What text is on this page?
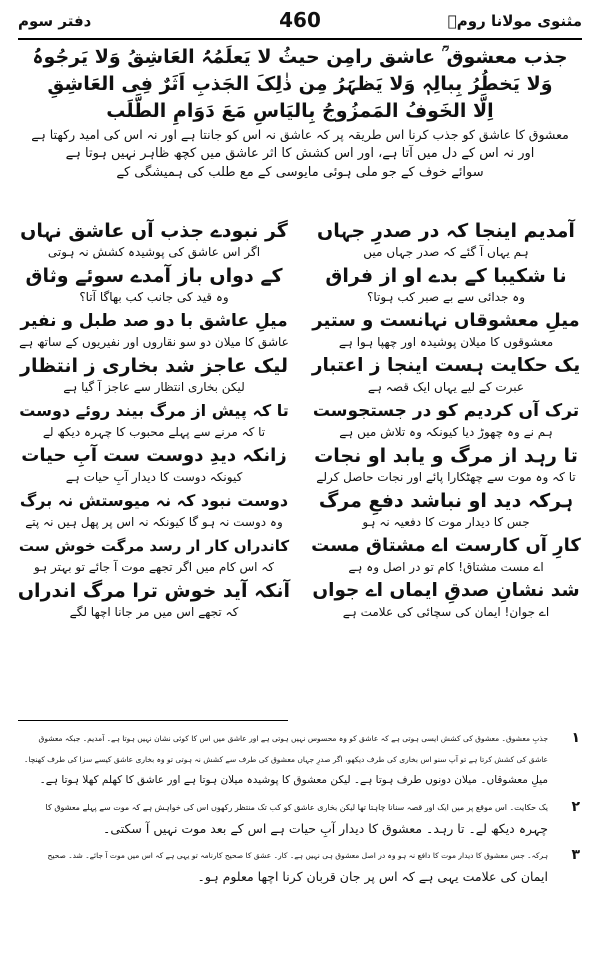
مثنوی مولانا رومؒ
460
دفتر سوم
جذب معشوق ؒ عاشق رامِن حیثُ لا یَعلَمُہُ العَاشِقُ وَلا یَرجُوہُ
وَلا یَخطُرُ بِبالِہٖ وَلا یَظہَرُ مِن ذٰلِکَ الجَذبِ اَثَرٌ فِی العَاشِقِ
اِلَّا الخَوفُ المَمزُوجُ بِالیَاسِ مَعَ دَوَامِ الطَّلَب
معشوق کا عاشق کو جذب کرنا اس طریقہ پر کہ عاشق نہ اس کو جانتا ہے اور نہ اس کی امید رکھتا ہے
اور نہ اس کے دل میں آتا ہے، اور اس کشش کا اثر عاشق میں کچھ ظاہر نہیں ہوتا ہے
سوائے خوف کے جو ملی ہوئی مایوسی کے مع طلب کی ہمیشگی کے
آمدیم اینجا کہ در صدرِ جہاں
ہم یہاں آ گئے کہ صدر جہاں میں
نا شکیبا کے بدے او از فراق
وہ جدائی سے بے صبر کب ہوتا؟
میلِ معشوقاں نہانست و ستیر
معشوقوں کا میلان پوشیدہ اور چھپا ہوا ہے
یک حکایت ہست اینجا ز اعتبار
عبرت کے لیے یہاں ایک قصہ ہے
ترک آں کردیم کو در جستجوست
ہم نے وہ چھوڑ دیا کیونکہ وہ تلاش میں ہے
تا رہد از مرگ و یابد او نجات
تا کہ وہ موت سے چھٹکارا پائے اور نجات حاصل کرلے
ہرکہ دید او نباشد دفعِ مرگ
جس کا دیدار موت کا دفعیہ نہ ہو
کارِ آں کارست اے مشتاق مست
اے مست مشتاق! کام تو در اصل وہ ہے
شد نشانِ صدقِ ایماں اے جواں
اے جوان! ایمان کی سچائی کی علامت ہے
گر نبودے جذب آں عاشق نہاں
اگر اس عاشق کی پوشیدہ کشش نہ ہوتی
کے دواں باز آمدے سوئے وثاق
وہ قید کی جانب کب بھاگا آتا؟
میلِ عاشق با دو صد طبل و نفیر
عاشق کا میلان دو سو نقاروں اور نفیریوں کے ساتھ ہے
لیک عاجز شد بخاری ز انتظار
لیکن بخاری انتظار سے عاجز آ گیا ہے
تا کہ پیش از مرگ بیند روئے دوست
تا کہ مرنے سے پہلے محبوب کا چہرہ دیکھ لے
زانکہ دیدِ دوست ست آبِ حیات
کیونکہ دوست کا دیدار آبِ حیات ہے
دوست نبود کہ نہ میوستش نہ برگ
وہ دوست نہ ہو گا کیونکہ نہ اس پر پھل ہیں نہ پتے
کاندراں کار ار رسد مرگت خوش ست
کہ اس کام میں اگر تجھے موت آ جائے تو بہتر ہو
آنکہ آید خوش ترا مرگ اندراں
کہ تجھے اس میں مر جانا اچھا لگے
۱
جذبِ معشوق۔ معشوق کی کشش ایسی ہوتی ہے کہ عاشق کو وہ محسوس نہیں ہوتی ہے اور عاشق میں اس کا کوئی نشان نہیں ہوتا ہے۔ آمدیم۔ جبکہ معشوق
عاشق کی کشش کرتا ہے تو آپ سنو اس بخاری کی طرف دیکھو، اگر صدرِ جہاں معشوق کی طرف سے کشش نہ ہوتی تو وہ بخاری عاشق کیسے سزا کی طرف کھنچا۔
میلِ معشوقاں۔ میلان دونوں طرف ہوتا ہے۔ لیکن معشوق کا پوشیدہ میلان ہوتا ہے اور عاشق کا کھلم کھلا ہوتا ہے۔
۲
یک حکایت۔ اس موقع پر میں ایک اور قصہ سنانا چاہتا تھا لیکن بخاری عاشق کو کب تک منتظر رکھوں اس کی خواہش ہے کہ موت سے پہلے معشوق کا
چہرہ دیکھ لے۔ تا رہد۔ معشوق کا دیدار آبِ حیات ہے اس کے بعد موت نہیں آ سکتی۔
۳
ہرکہ۔ جس معشوق کا دیدار موت کا دافع نہ ہو وہ در اصل معشوق ہی نہیں ہے۔ کار۔ عشق کا صحیح کارنامہ تو یہی ہے کہ اس میں موت آ جائے۔ شد۔ صحیح
ایمان کی علامت یہی ہے کہ اس پر جان قربان کرنا اچھا معلوم ہو۔
